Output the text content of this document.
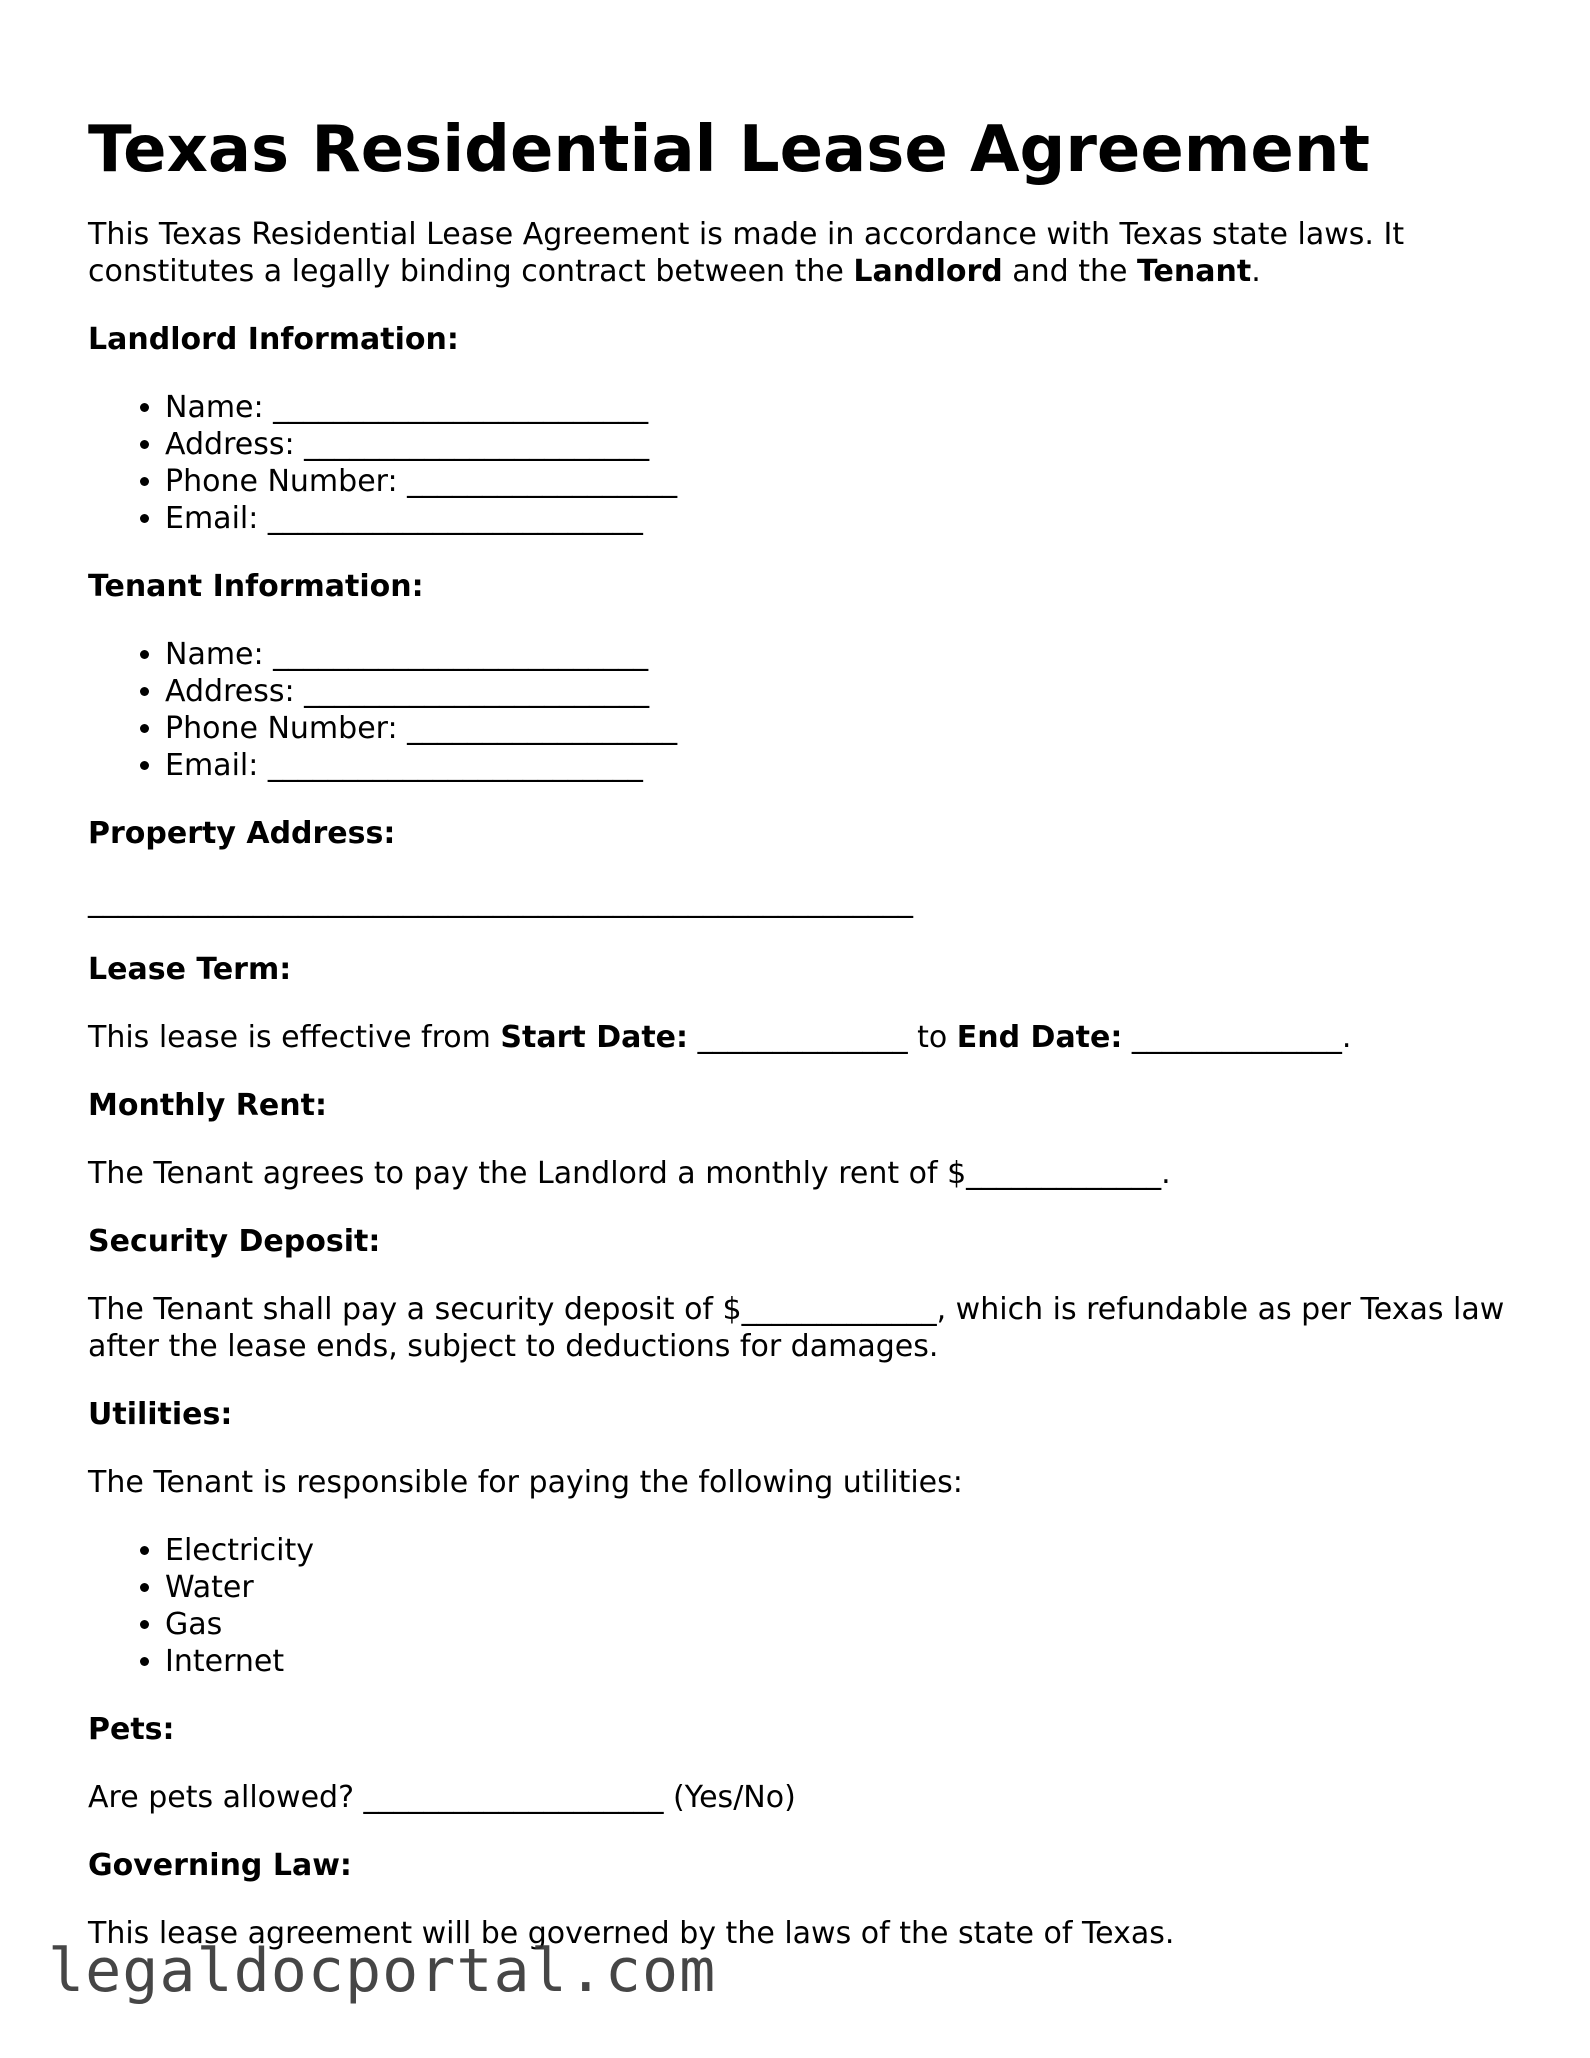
Texas Residential Lease Agreement

This Texas Residential Lease Agreement is made in accordance with Texas state laws. It constitutes a legally binding contract between the Landlord and the Tenant.

Landlord Information:
• Name: _________________________
• Address: _______________________
• Phone Number: __________________
• Email: _________________________
Tenant Information:
• Name: _________________________
• Address: _______________________
• Phone Number: __________________
• Email: _________________________
Property Address:

_______________________________________________________

Lease Term:

This lease is effective from Start Date: ______________ to End Date: ______________.

Monthly Rent:

The Tenant agrees to pay the Landlord a monthly rent of $_____________.

Security Deposit:

The Tenant shall pay a security deposit of $_____________, which is refundable as per Texas law after the lease ends, subject to deductions for damages.

Utilities:

The Tenant is responsible for paying the following utilities:

• Electricity
• Water
• Gas
• Internet
Pets:

Are pets allowed? ____________________ (Yes/No)

Governing Law:

This lease agreement will be governed by the laws of the state of Texas.

legaldocportal.com
